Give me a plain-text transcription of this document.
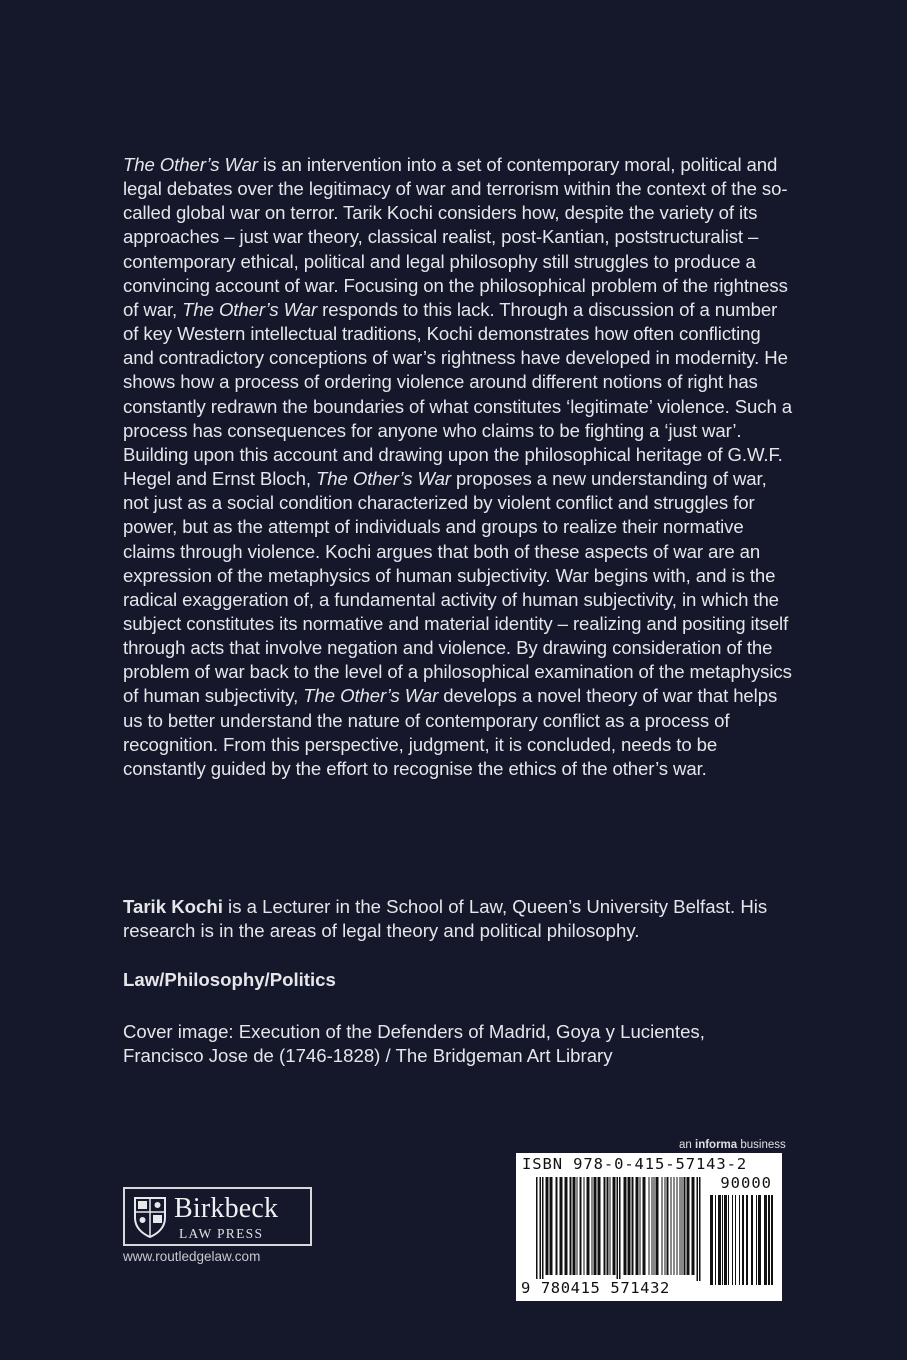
The Other’s War is an intervention into a set of contemporary moral, political and legal debates over the legitimacy of war and terrorism within the context of the so-called global war on terror. Tarik Kochi considers how, despite the variety of its approaches – just war theory, classical realist, post-Kantian, poststructuralist – contemporary ethical, political and legal philosophy still struggles to produce a convincing account of war. Focusing on the philosophical problem of the rightness of war, The Other’s War responds to this lack. Through a discussion of a number of key Western intellectual traditions, Kochi demonstrates how often conflicting and contradictory conceptions of war’s rightness have developed in modernity. He shows how a process of ordering violence around different notions of right has constantly redrawn the boundaries of what constitutes ‘legitimate’ violence. Such a process has consequences for anyone who claims to be fighting a ‘just war’. Building upon this account and drawing upon the philosophical heritage of G.W.F. Hegel and Ernst Bloch, The Other’s War proposes a new understanding of war, not just as a social condition characterized by violent conflict and struggles for power, but as the attempt of individuals and groups to realize their normative claims through violence. Kochi argues that both of these aspects of war are an expression of the metaphysics of human subjectivity. War begins with, and is the radical exaggeration of, a fundamental activity of human subjectivity, in which the subject constitutes its normative and material identity – realizing and positing itself through acts that involve negation and violence. By drawing consideration of the problem of war back to the level of a philosophical examination of the metaphysics of human subjectivity, The Other’s War develops a novel theory of war that helps us to better understand the nature of contemporary conflict as a process of recognition. From this perspective, judgment, it is concluded, needs to be constantly guided by the effort to recognise the ethics of the other’s war.

Tarik Kochi is a Lecturer in the School of Law, Queen’s University Belfast. His research is in the areas of legal theory and political philosophy.

Law/Philosophy/Politics

Cover image: Execution of the Defenders of Madrid, Goya y Lucientes, Francisco Jose de (1746-1828) / The Bridgeman Art Library

an informa business
ISBN 978-0-415-57143-2
90000
9 780415 571432
Birkbeck
LAW PRESS
www.routledgelaw.com
